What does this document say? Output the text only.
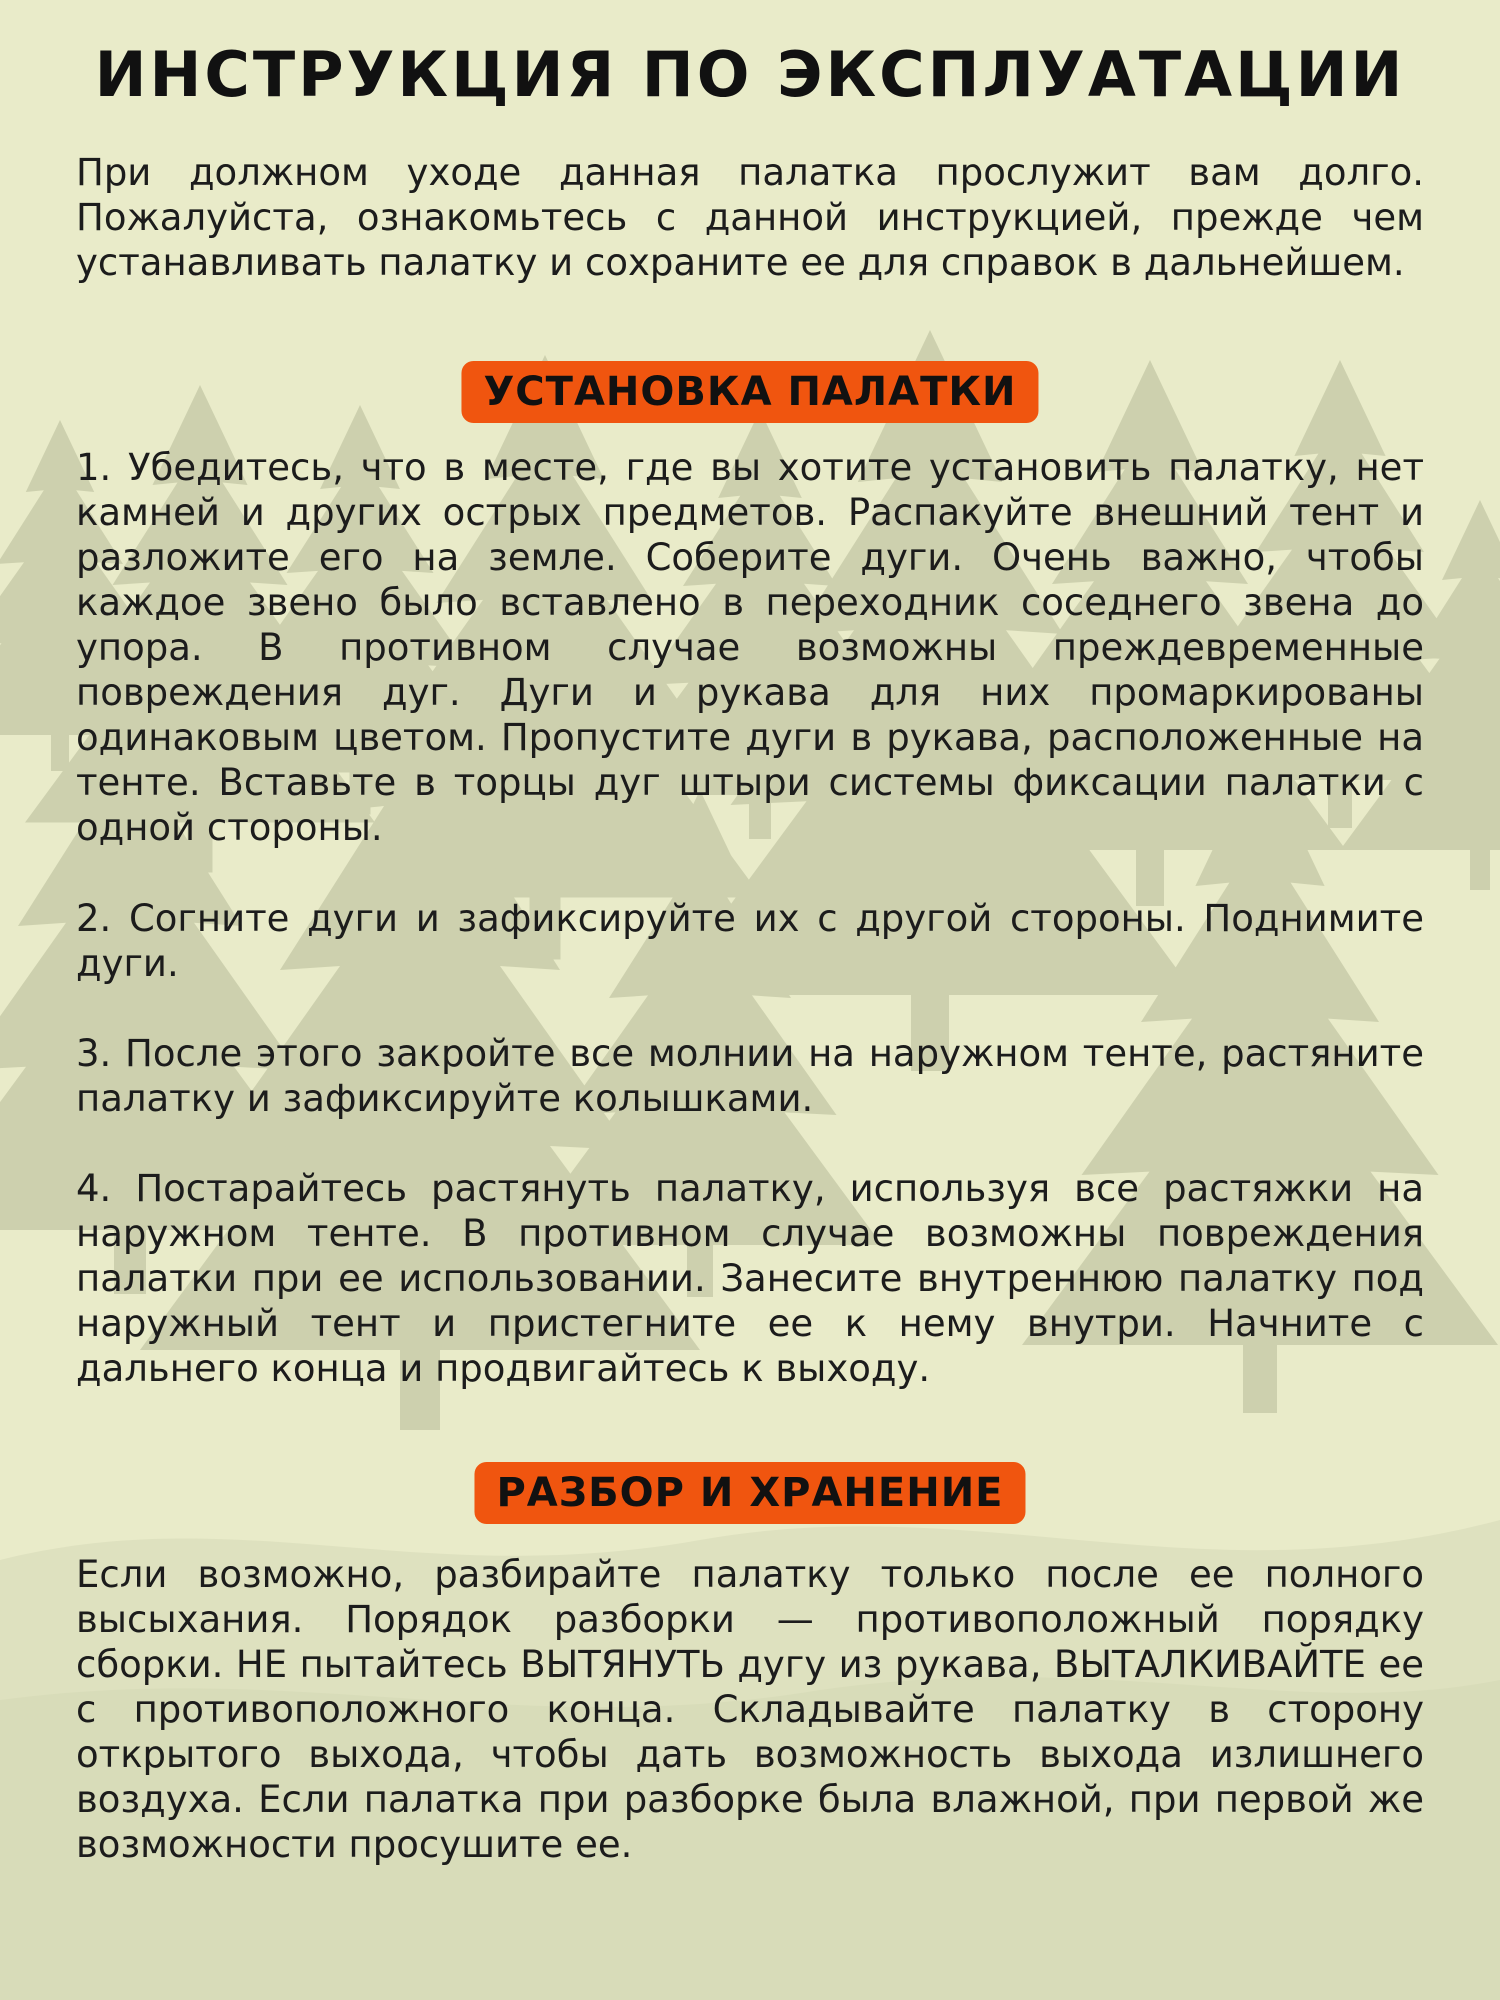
ИНСТРУКЦИЯ ПО ЭКСПЛУАТАЦИИ

При должном уходе данная палатка прослужит вам долго. Пожалуйста, ознакомьтесь с данной инструкцией, прежде чем устанавливать палатку и сохраните ее для справок в дальнейшем.

УСТАНОВКА ПАЛАТКИ

1. Убедитесь, что в месте, где вы хотите установить палатку, нет камней и других острых предметов. Распакуйте внешний тент и разложите его на земле. Соберите дуги. Очень важно, чтобы каждое звено было вставлено в переходник соседнего звена до упора. В противном случае возможны преждевременные повреждения дуг. Дуги и рукава для них промаркированы одинаковым цветом. Пропустите дуги в рукава, расположенные на тенте. Вставьте в торцы дуг штыри системы фиксации палатки с одной стороны.

2. Согните дуги и зафиксируйте их с другой стороны. Поднимите дуги.

3. После этого закройте все молнии на наружном тенте, растяните палатку и зафиксируйте колышками.

4. Постарайтесь растянуть палатку, используя все растяжки на наружном тенте. В противном случае возможны повреждения палатки при ее использовании. Занесите внутреннюю палатку под наружный тент и пристегните ее к нему внутри. Начните с дальнего конца и продвигайтесь к выходу.

РАЗБОР И ХРАНЕНИЕ

Если возможно, разбирайте палатку только после ее полного высыхания. Порядок разборки — противоположный порядку сборки. НЕ пытайтесь ВЫТЯНУТЬ дугу из рукава, ВЫТАЛКИВАЙТЕ ее с противоположного конца. Складывайте палатку в сторону открытого выхода, чтобы дать возможность выхода излишнего воздуха. Если палатка при разборке была влажной, при первой же возможности просушите ее.
